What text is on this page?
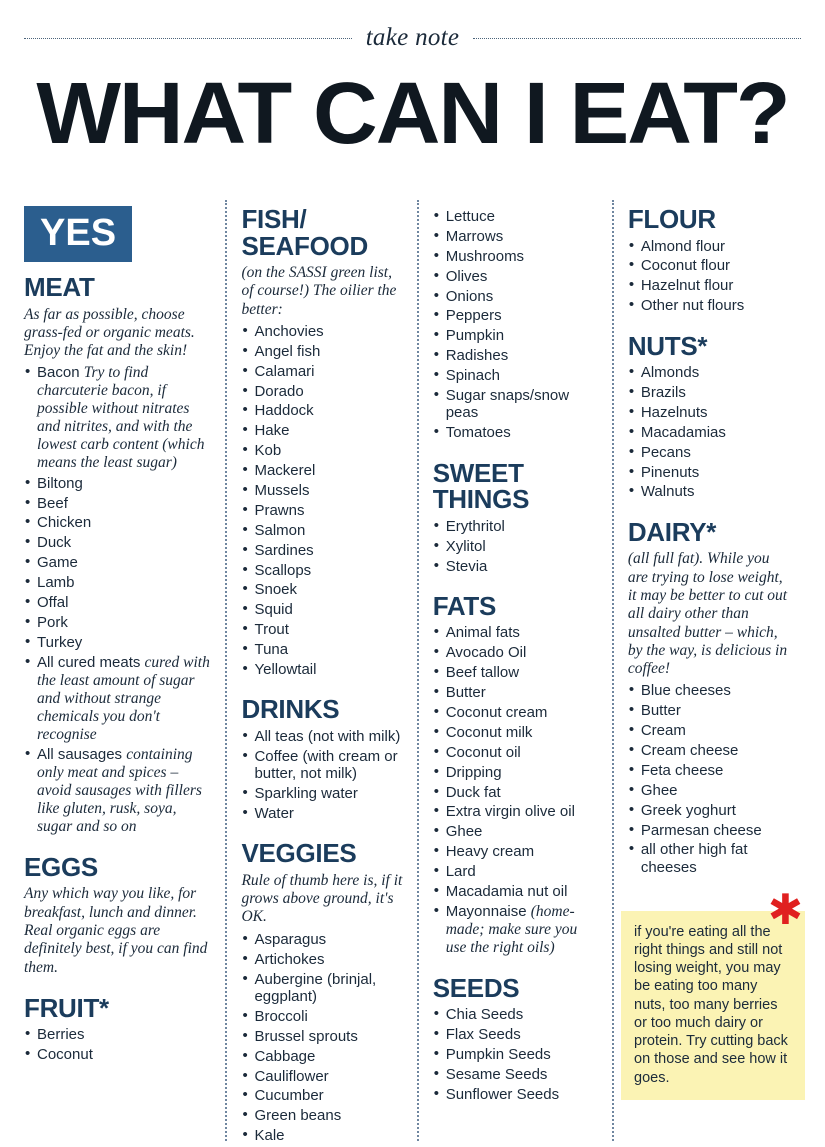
take note
WHAT CAN I EAT?
YES
MEAT
As far as possible, choose grass-fed or organic meats. Enjoy the fat and the skin!
• Bacon Try to find charcuterie bacon, if possible without nitrates and nitrites, and with the lowest carb content (which means the least sugar)
• Biltong
• Beef
• Chicken
• Duck
• Game
• Lamb
• Offal
• Pork
• Turkey
• All cured meats cured with the least amount of sugar and without strange chemicals you don't recognise
• All sausages containing only meat and spices – avoid sausages with fillers like gluten, rusk, soya, sugar and so on
EGGS
Any which way you like, for breakfast, lunch and dinner. Real organic eggs are definitely best, if you can find them.
FRUIT*
• Berries
• Coconut
FISH/ SEAFOOD
(on the SASSI green list, of course!) The oilier the better:
• Anchovies
• Angel fish
• Calamari
• Dorado
• Haddock
• Hake
• Kob
• Mackerel
• Mussels
• Prawns
• Salmon
• Sardines
• Scallops
• Snoek
• Squid
• Trout
• Tuna
• Yellowtail
DRINKS
• All teas (not with milk)
• Coffee (with cream or butter, not milk)
• Sparkling water
• Water
VEGGIES
Rule of thumb here is, if it grows above ground, it's OK.
• Asparagus
• Artichokes
• Aubergine (brinjal, eggplant)
• Broccoli
• Brussel sprouts
• Cabbage
• Cauliflower
• Cucumber
• Green beans
• Kale
• Lettuce
• Marrows
• Mushrooms
• Olives
• Onions
• Peppers
• Pumpkin
• Radishes
• Spinach
• Sugar snaps/snow peas
• Tomatoes
SWEET THINGS
• Erythritol
• Xylitol
• Stevia
FATS
• Animal fats
• Avocado Oil
• Beef tallow
• Butter
• Coconut cream
• Coconut milk
• Coconut oil
• Dripping
• Duck fat
• Extra virgin olive oil
• Ghee
• Heavy cream
• Lard
• Macadamia nut oil
• Mayonnaise (home-made; make sure you use the right oils)
SEEDS
• Chia Seeds
• Flax Seeds
• Pumpkin Seeds
• Sesame Seeds
• Sunflower Seeds
FLOUR
• Almond flour
• Coconut flour
• Hazelnut flour
• Other nut flours
NUTS*
• Almonds
• Brazils
• Hazelnuts
• Macadamias
• Pecans
• Pinenuts
• Walnuts
DAIRY*
(all full fat). While you are trying to lose weight, it may be better to cut out all dairy other than unsalted butter – which, by the way, is delicious in coffee!
• Blue cheeses
• Butter
• Cream
• Cream cheese
• Feta cheese
• Ghee
• Greek yoghurt
• Parmesan cheese
• all other high fat cheeses
✱
if you're eating all the right things and still not losing weight, you may be eating too many nuts, too many berries or too much dairy or protein. Try cutting back on those and see how it goes.
